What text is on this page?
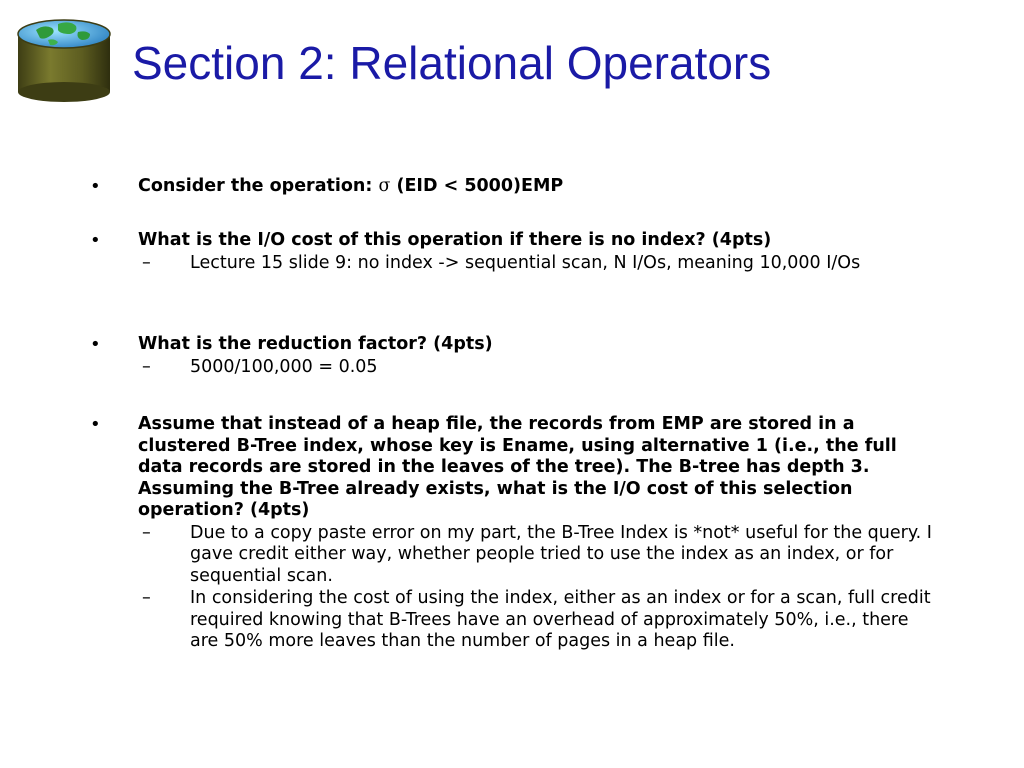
Section 2: Relational Operators
• Consider the operation: σ (EID < 5000)EMP
• What is the I/O cost of this operation if there is no index? (4pts)
– Lecture 15 slide 9: no index -> sequential scan, N I/Os, meaning 10,000 I/Os
• What is the reduction factor? (4pts)
– 5000/100,000 = 0.05
• Assume that instead of a heap file, the records from EMP are stored in a clustered B-Tree index, whose key is Ename, using alternative 1 (i.e., the full data records are stored in the leaves of the tree). The B-tree has depth 3. Assuming the B-Tree already exists, what is the I/O cost of this selection operation? (4pts)
– Due to a copy paste error on my part, the B-Tree Index is *not* useful for the query. I gave credit either way, whether people tried to use the index as an index, or for sequential scan.
– In considering the cost of using the index, either as an index or for a scan, full credit required knowing that B-Trees have an overhead of approximately 50%, i.e., there are 50% more leaves than the number of pages in a heap file.
